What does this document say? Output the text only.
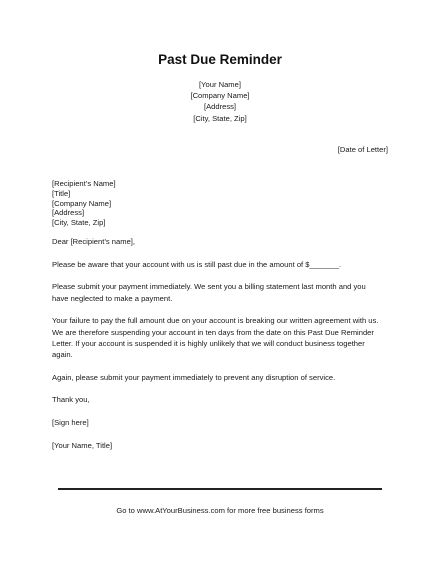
Past Due Reminder
[Your Name]
[Company Name]
[Address]
[City, State, Zip]
[Date of Letter]
[Recipient’s Name]
[Title]
[Company Name]
[Address]
[City, State, Zip]

Dear [Recipient’s name],

Please be aware that your account with us is still past due in the amount of $_______.

Please submit your payment immediately. We sent you a billing statement last month and you have neglected to make a payment.

Your failure to pay the full amount due on your account is breaking our written agreement with us. We are therefore suspending your account in ten days from the date on this Past Due Reminder Letter. If your account is suspended it is highly unlikely that we will conduct business together again.

Again, please submit your payment immediately to prevent any disruption of service.

Thank you,

[Sign here]

[Your Name, Title]

Go to www.AtYourBusiness.com for more free business forms
